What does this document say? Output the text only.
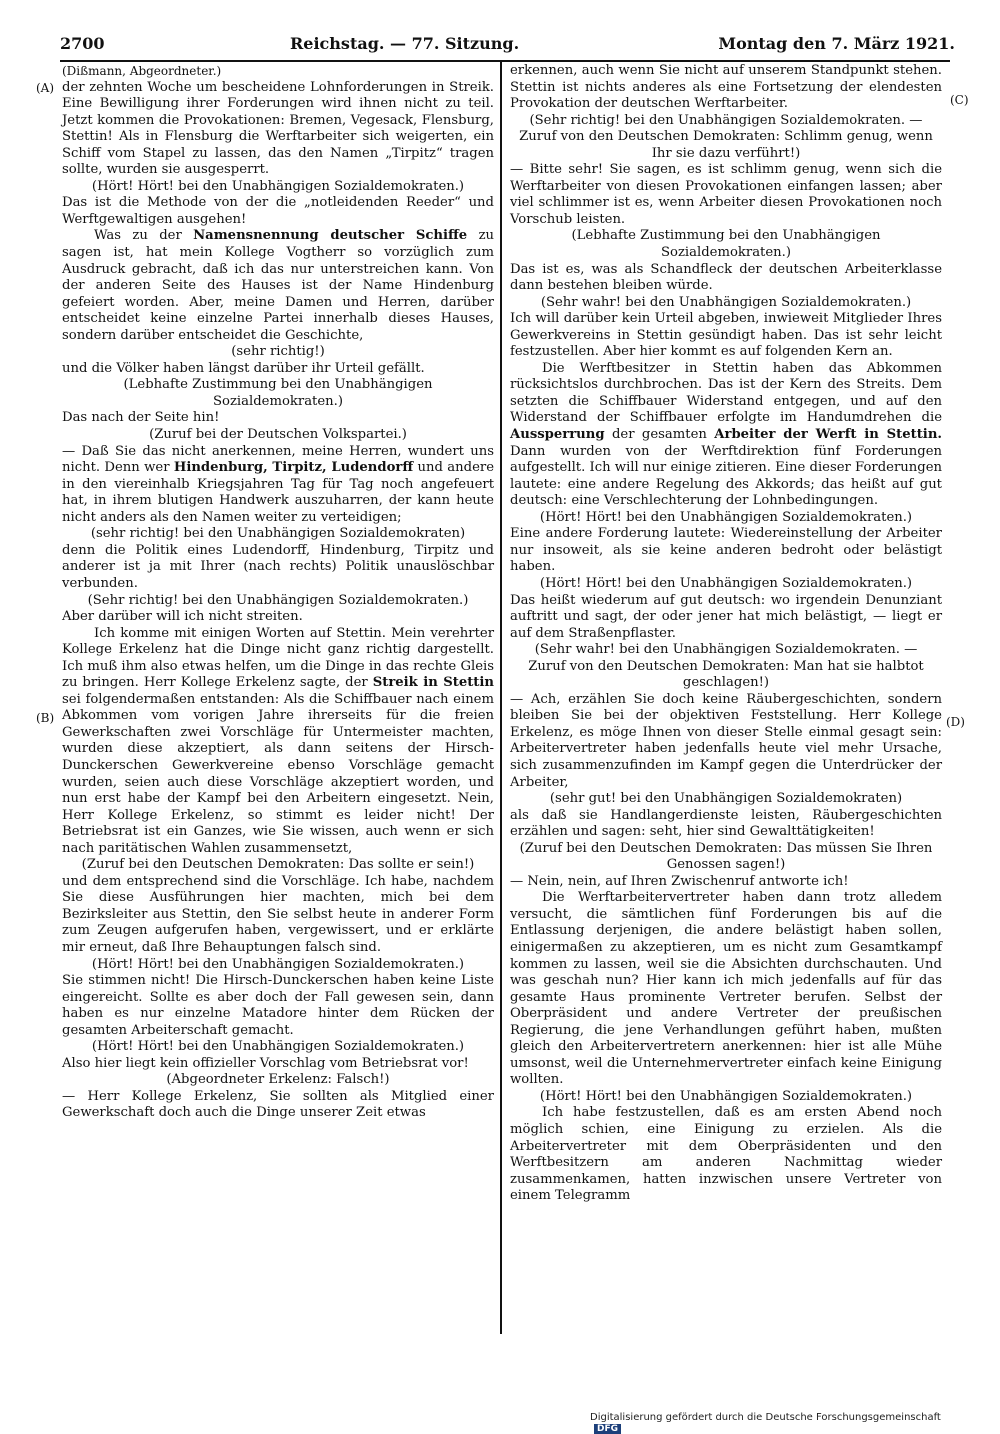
2700	Reichstag. — 77. Sitzung.	Montag den 7. März 1921.
(A)
(B)
(C)
(D)

(Dißmann, Abgeordneter.)

der zehnten Woche um bescheidene Lohnforderungen in Streik. Eine Bewilligung ihrer Forderungen wird ihnen nicht zu teil. Jetzt kommen die Provokationen: Bremen, Vegesack, Flensburg, Stettin! Als in Flensburg die Werftarbeiter sich weigerten, ein Schiff vom Stapel zu lassen, das den Namen „Tirpitz“ tragen sollte, wurden sie ausgesperrt.

(Hört! Hört! bei den Unabhängigen Sozialdemokraten.)

Das ist die Methode von der die „notleidenden Reeder“ und Werftgewaltigen ausgehen!

Was zu der Namensnennung deutscher Schiffe zu sagen ist, hat mein Kollege Vogtherr so vorzüglich zum Ausdruck gebracht, daß ich das nur unterstreichen kann. Von der anderen Seite des Hauses ist der Name Hindenburg gefeiert worden. Aber, meine Damen und Herren, darüber entscheidet keine einzelne Partei innerhalb dieses Hauses, sondern darüber entscheidet die Geschichte,

(sehr richtig!)

und die Völker haben längst darüber ihr Urteil gefällt.

(Lebhafte Zustimmung bei den Unabhängigen Sozialdemokraten.)

Das nach der Seite hin!

(Zuruf bei der Deutschen Volkspartei.)

— Daß Sie das nicht anerkennen, meine Herren, wundert uns nicht. Denn wer Hindenburg, Tirpitz, Ludendorff und andere in den viereinhalb Kriegsjahren Tag für Tag noch angefeuert hat, in ihrem blutigen Handwerk auszuharren, der kann heute nicht anders als den Namen weiter zu verteidigen;

(sehr richtig! bei den Unabhängigen Sozialdemokraten)

denn die Politik eines Ludendorff, Hindenburg, Tirpitz und anderer ist ja mit Ihrer (nach rechts) Politik unauslöschbar verbunden.

(Sehr richtig! bei den Unabhängigen Sozialdemokraten.)

Aber darüber will ich nicht streiten.

Ich komme mit einigen Worten auf Stettin. Mein verehrter Kollege Erkelenz hat die Dinge nicht ganz richtig dargestellt. Ich muß ihm also etwas helfen, um die Dinge in das rechte Gleis zu bringen. Herr Kollege Erkelenz sagte, der Streik in Stettin sei folgendermaßen entstanden: Als die Schiffbauer nach einem Abkommen vom vorigen Jahre ihrerseits für die freien Gewerkschaften zwei Vorschläge für Untermeister machten, wurden diese akzeptiert, als dann seitens der Hirsch-Dunckerschen Gewerkvereine ebenso Vorschläge gemacht wurden, seien auch diese Vorschläge akzeptiert worden, und nun erst habe der Kampf bei den Arbeitern eingesetzt. Nein, Herr Kollege Erkelenz, so stimmt es leider nicht! Der Betriebsrat ist ein Ganzes, wie Sie wissen, auch wenn er sich nach paritätischen Wahlen zusammensetzt,

(Zuruf bei den Deutschen Demokraten: Das sollte er sein!)

und dem entsprechend sind die Vorschläge. Ich habe, nachdem Sie diese Ausführungen hier machten, mich bei dem Bezirksleiter aus Stettin, den Sie selbst heute in anderer Form zum Zeugen aufgerufen haben, vergewissert, und er erklärte mir erneut, daß Ihre Behauptungen falsch sind.

(Hört! Hört! bei den Unabhängigen Sozialdemokraten.)

Sie stimmen nicht! Die Hirsch-Dunckerschen haben keine Liste eingereicht. Sollte es aber doch der Fall gewesen sein, dann haben es nur einzelne Matadore hinter dem Rücken der gesamten Arbeiterschaft gemacht.

(Hört! Hört! bei den Unabhängigen Sozialdemokraten.)

Also hier liegt kein offizieller Vorschlag vom Betriebsrat vor!

(Abgeordneter Erkelenz: Falsch!)

— Herr Kollege Erkelenz, Sie sollten als Mitglied einer Gewerkschaft doch auch die Dinge unserer Zeit etwas

erkennen, auch wenn Sie nicht auf unserem Standpunkt stehen. Stettin ist nichts anderes als eine Fortsetzung der elendesten Provokation der deutschen Werftarbeiter.

(Sehr richtig! bei den Unabhängigen Sozialdemokraten. — Zuruf von den Deutschen Demokraten: Schlimm genug, wenn Ihr sie dazu verführt!)

— Bitte sehr! Sie sagen, es ist schlimm genug, wenn sich die Werftarbeiter von diesen Provokationen einfangen lassen; aber viel schlimmer ist es, wenn Arbeiter diesen Provokationen noch Vorschub leisten.

(Lebhafte Zustimmung bei den Unabhängigen Sozialdemokraten.)

Das ist es, was als Schandfleck der deutschen Arbeiterklasse dann bestehen bleiben würde.

(Sehr wahr! bei den Unabhängigen Sozialdemokraten.)

Ich will darüber kein Urteil abgeben, inwieweit Mitglieder Ihres Gewerkvereins in Stettin gesündigt haben. Das ist sehr leicht festzustellen. Aber hier kommt es auf folgenden Kern an.

Die Werftbesitzer in Stettin haben das Abkommen rücksichtslos durchbrochen. Das ist der Kern des Streits. Dem setzten die Schiffbauer Widerstand entgegen, und auf den Widerstand der Schiffbauer erfolgte im Handumdrehen die Aussperrung der gesamten Arbeiter der Werft in Stettin. Dann wurden von der Werftdirektion fünf Forderungen aufgestellt. Ich will nur einige zitieren. Eine dieser Forderungen lautete: eine andere Regelung des Akkords; das heißt auf gut deutsch: eine Verschlechterung der Lohnbedingungen.

(Hört! Hört! bei den Unabhängigen Sozialdemokraten.)

Eine andere Forderung lautete: Wiedereinstellung der Arbeiter nur insoweit, als sie keine anderen bedroht oder belästigt haben.

(Hört! Hört! bei den Unabhängigen Sozialdemokraten.)

Das heißt wiederum auf gut deutsch: wo irgendein Denunziant auftritt und sagt, der oder jener hat mich belästigt, — liegt er auf dem Straßenpflaster.

(Sehr wahr! bei den Unabhängigen Sozialdemokraten. — Zuruf von den Deutschen Demokraten: Man hat sie halbtot geschlagen!)

— Ach, erzählen Sie doch keine Räubergeschichten, sondern bleiben Sie bei der objektiven Feststellung. Herr Kollege Erkelenz, es möge Ihnen von dieser Stelle einmal gesagt sein: Arbeitervertreter haben jedenfalls heute viel mehr Ursache, sich zusammenzufinden im Kampf gegen die Unterdrücker der Arbeiter,

(sehr gut! bei den Unabhängigen Sozialdemokraten)

als daß sie Handlangerdienste leisten, Räubergeschichten erzählen und sagen: seht, hier sind Gewalttätigkeiten!

(Zuruf bei den Deutschen Demokraten: Das müssen Sie Ihren Genossen sagen!)

— Nein, nein, auf Ihren Zwischenruf antworte ich!

Die Werftarbeitervertreter haben dann trotz alledem versucht, die sämtlichen fünf Forderungen bis auf die Entlassung derjenigen, die andere belästigt haben sollen, einigermaßen zu akzeptieren, um es nicht zum Gesamtkampf kommen zu lassen, weil sie die Absichten durchschauten. Und was geschah nun? Hier kann ich mich jedenfalls auf für das gesamte Haus prominente Vertreter berufen. Selbst der Oberpräsident und andere Vertreter der preußischen Regierung, die jene Verhandlungen geführt haben, mußten gleich den Arbeitervertretern anerkennen: hier ist alle Mühe umsonst, weil die Unternehmervertreter einfach keine Einigung wollten.

(Hört! Hört! bei den Unabhängigen Sozialdemokraten.)

Ich habe festzustellen, daß es am ersten Abend noch möglich schien, eine Einigung zu erzielen. Als die Arbeitervertreter mit dem Oberpräsidenten und den Werftbesitzern am anderen Nachmittag wieder zusammenkamen, hatten inzwischen unsere Vertreter von einem Telegramm

Digitalisierung gefördert durch die Deutsche Forschungsgemeinschaft DFG
